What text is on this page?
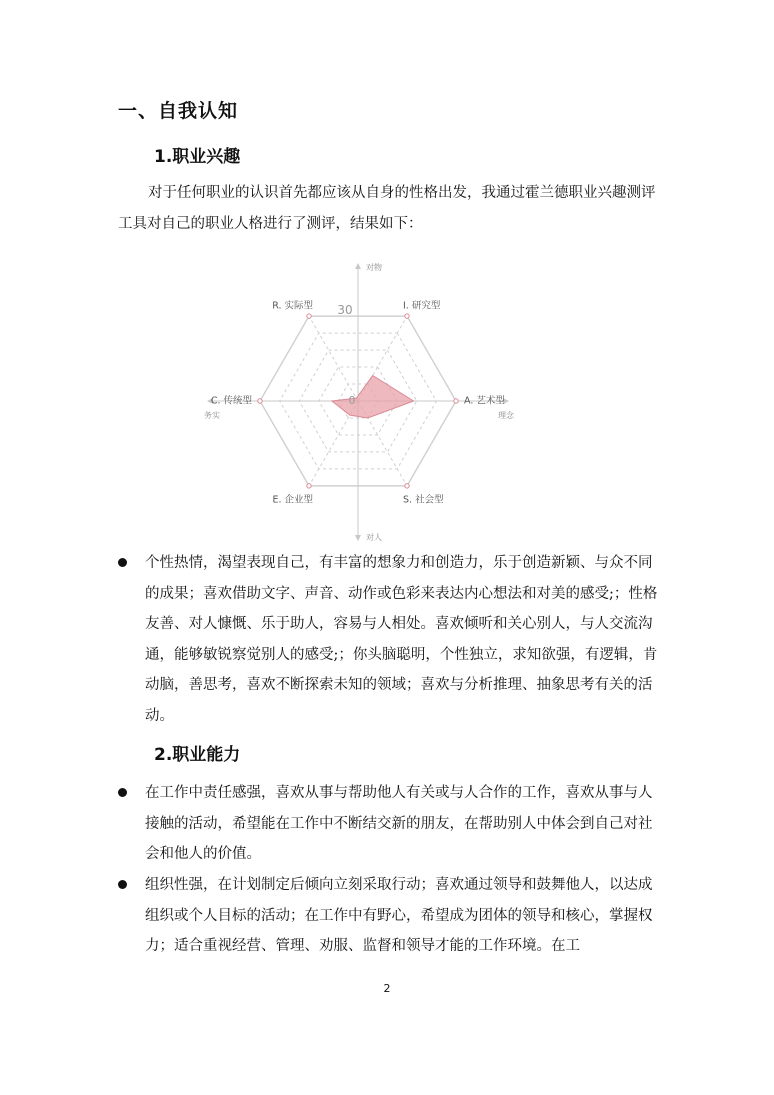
一、自我认知
1.职业兴趣
对于任何职业的认识首先都应该从自身的性格出发，我通过霍兰德职业兴趣测评工具对自己的职业人格进行了测评，结果如下：
I. 研究型
A. 艺术型
S. 社会型
E. 企业型
C. 传统型
R. 实际型
对物
对人
务实	理念
30
0
个性热情，渴望表现自己，有丰富的想象力和创造力，乐于创造新颖、与众不同的成果；喜欢借助文字、声音、动作或色彩来表达内心想法和对美的感受;；性格友善、对人慷慨、乐于助人，容易与人相处。喜欢倾听和关心别人，与人交流沟通，能够敏锐察觉别人的感受;；你头脑聪明，个性独立，求知欲强，有逻辑，肯动脑，善思考，喜欢不断探索未知的领域；喜欢与分析推理、抽象思考有关的活动。
2.职业能力
在工作中责任感强，喜欢从事与帮助他人有关或与人合作的工作，喜欢从事与人接触的活动，希望能在工作中不断结交新的朋友，在帮助别人中体会到自己对社会和他人的价值。
组织性强，在计划制定后倾向立刻采取行动；喜欢通过领导和鼓舞他人，以达成组织或个人目标的活动；在工作中有野心，希望成为团体的领导和核心，掌握权力；适合重视经营、管理、劝服、监督和领导才能的工作环境。在工
2
